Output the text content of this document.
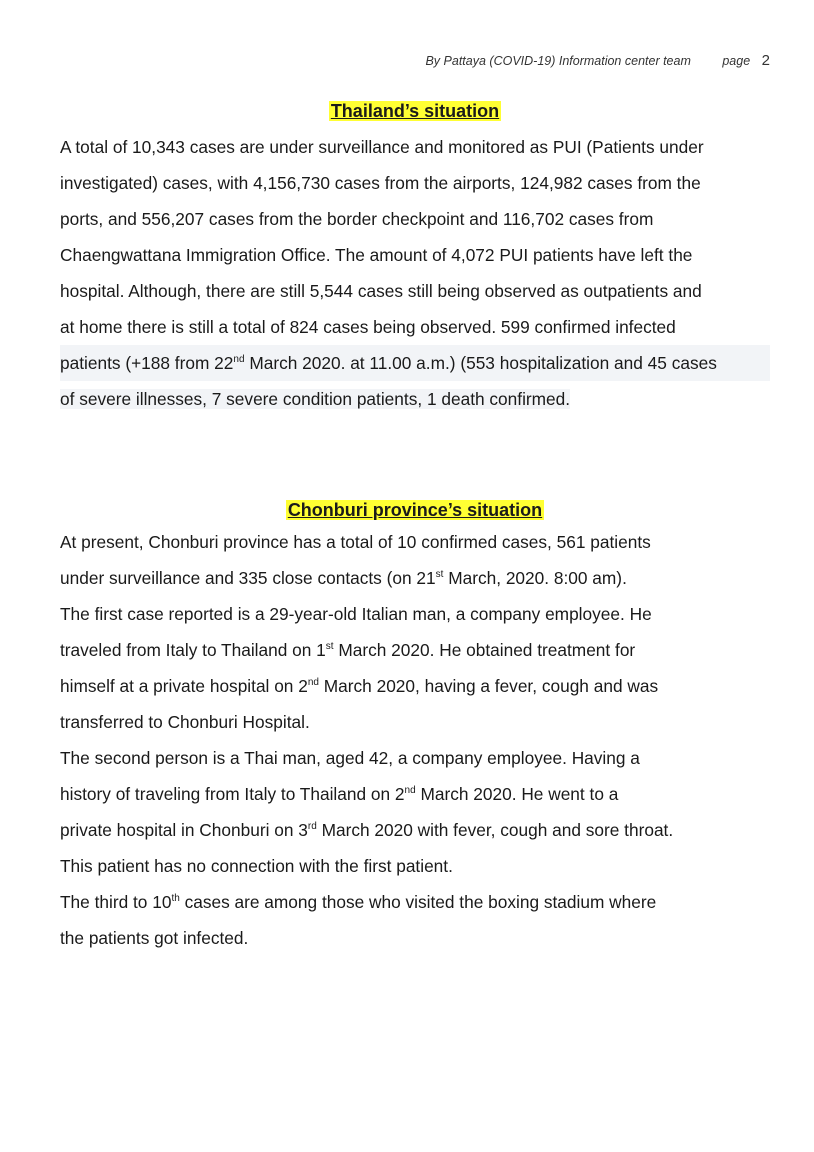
By Pattaya (COVID-19) Information center team	page 2
Thailand’s situation

A total of 10,343 cases are under surveillance and monitored as PUI (Patients under
investigated) cases, with 4,156,730 cases from the airports, 124,982 cases from the
ports, and 556,207 cases from the border checkpoint and 116,702 cases from
Chaengwattana Immigration Office. The amount of 4,072 PUI patients have left the
hospital. Although, there are still 5,544 cases still being observed as outpatients and
at home there is still a total of 824 cases being observed. 599 confirmed infected
patients (+188 from 22nd March 2020. at 11.00 a.m.) (553 hospitalization and 45 cases
of severe illnesses, 7 severe condition patients, 1 death confirmed.

Chonburi province’s situation

At present, Chonburi province has a total of 10 confirmed cases, 561 patients
under surveillance and 335 close contacts (on 21st March, 2020. 8:00 am).
The first case reported is a 29-year-old Italian man, a company employee. He
traveled from Italy to Thailand on 1st March 2020. He obtained treatment for
himself at a private hospital on 2nd March 2020, having a fever, cough and was
transferred to Chonburi Hospital.
The second person is a Thai man, aged 42, a company employee. Having a
history of traveling from Italy to Thailand on 2nd March 2020. He went to a
private hospital in Chonburi on 3rd March 2020 with fever, cough and sore throat.
This patient has no connection with the first patient.
The third to 10th cases are among those who visited the boxing stadium where
the patients got infected.
